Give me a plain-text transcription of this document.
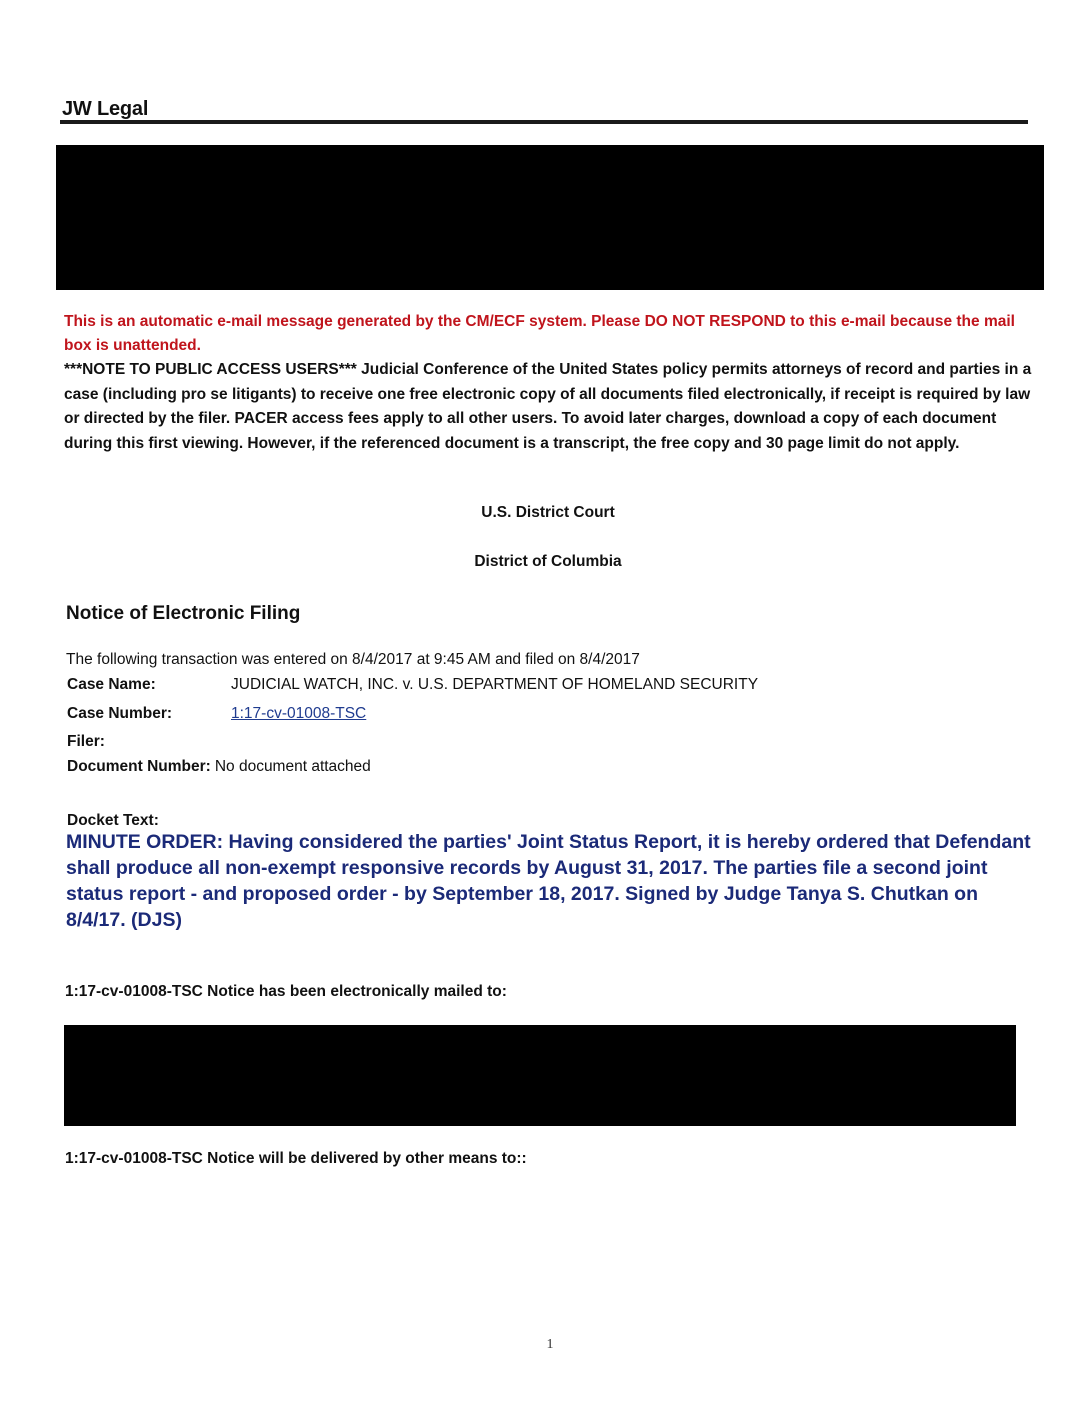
JW Legal
This is an automatic e-mail message generated by the CM/ECF system. Please DO NOT RESPOND to this e-mail because the mail box is unattended.
***NOTE TO PUBLIC ACCESS USERS*** Judicial Conference of the United States policy permits attorneys of record and parties in a case (including pro se litigants) to receive one free electronic copy of all documents filed electronically, if receipt is required by law or directed by the filer. PACER access fees apply to all other users. To avoid later charges, download a copy of each document during this first viewing. However, if the referenced document is a transcript, the free copy and 30 page limit do not apply.
U.S. District Court
District of Columbia
Notice of Electronic Filing
The following transaction was entered on 8/4/2017 at 9:45 AM and filed on 8/4/2017
Case Name:	JUDICIAL WATCH, INC. v. U.S. DEPARTMENT OF HOMELAND SECURITY
Case Number:	1:17-cv-01008-TSC
Filer:
Document Number: No document attached
Docket Text:
MINUTE ORDER: Having considered the parties' Joint Status Report, it is hereby ordered that Defendant shall produce all non-exempt responsive records by August 31, 2017. The parties file a second joint status report - and proposed order - by September 18, 2017. Signed by Judge Tanya S. Chutkan on 8/4/17. (DJS)
1:17-cv-01008-TSC Notice has been electronically mailed to:
1:17-cv-01008-TSC Notice will be delivered by other means to::
1
